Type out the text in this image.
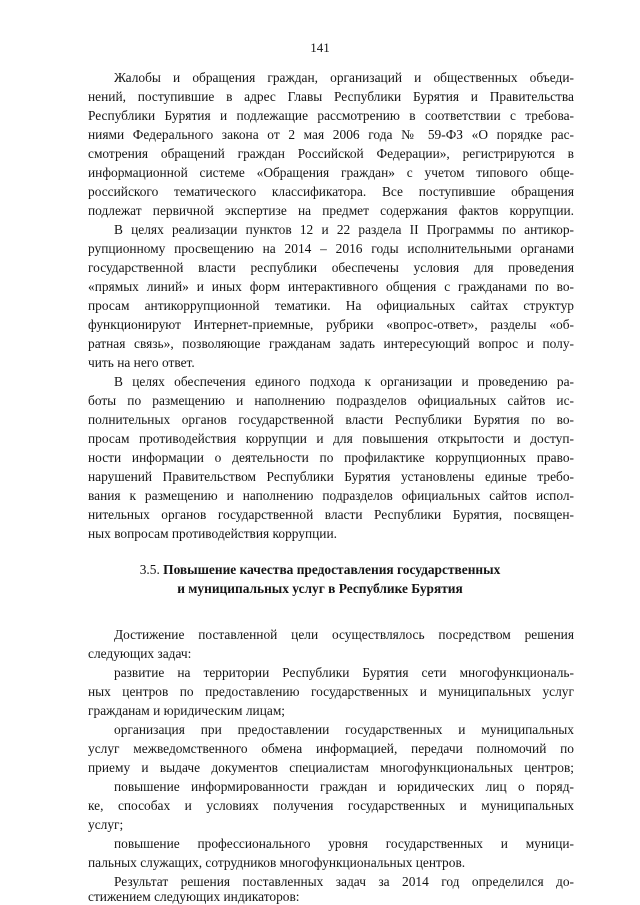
141
Жалобы и обращения граждан, организаций и общественных объеди-
нений, поступившие в адрес Главы Республики Бурятия и Правительства
Республики Бурятия и подлежащие рассмотрению в соответствии с требова-
ниями Федерального закона от 2 мая 2006 года № 59-ФЗ «О порядке рас-
смотрения обращений граждан Российской Федерации», регистрируются в
информационной системе «Обращения граждан» с учетом типового обще-
российского тематического классификатора. Все поступившие обращения
подлежат первичной экспертизе на предмет содержания фактов коррупции.
В целях реализации пунктов 12 и 22 раздела II Программы по антикор-
рупционному просвещению на 2014 – 2016 годы исполнительными органами
государственной власти республики обеспечены условия для проведения
«прямых линий» и иных форм интерактивного общения с гражданами по во-
просам антикоррупционной тематики. На официальных сайтах структур
функционируют Интернет-приемные, рубрики «вопрос-ответ», разделы «об-
ратная связь», позволяющие гражданам задать интересующий вопрос и полу-
чить на него ответ.
В целях обеспечения единого подхода к организации и проведению ра-
боты по размещению и наполнению подразделов официальных сайтов ис-
полнительных органов государственной власти Республики Бурятия по во-
просам противодействия коррупции и для повышения открытости и доступ-
ности информации о деятельности по профилактике коррупционных право-
нарушений Правительством Республики Бурятия установлены единые требо-
вания к размещению и наполнению подразделов официальных сайтов испол-
нительных органов государственной власти Республики Бурятия, посвящен-
ных вопросам противодействия коррупции.
3.5. Повышение качества предоставления государственных
и муниципальных услуг в Республике Бурятия
Достижение поставленной цели осуществлялось посредством решения
следующих задач:
развитие на территории Республики Бурятия сети многофункциональ-
ных центров по предоставлению государственных и муниципальных услуг
гражданам и юридическим лицам;
организация при предоставлении государственных и муниципальных
услуг межведомственного обмена информацией, передачи полномочий по
приему и выдаче документов специалистам многофункциональных центров;
повышение информированности граждан и юридических лиц о поряд-
ке, способах и условиях получения государственных и муниципальных
услуг;
повышение профессионального уровня государственных и муници-
пальных служащих, сотрудников многофункциональных центров.
Результат решения поставленных задач за 2014 год определился до-
стижением следующих индикаторов:
